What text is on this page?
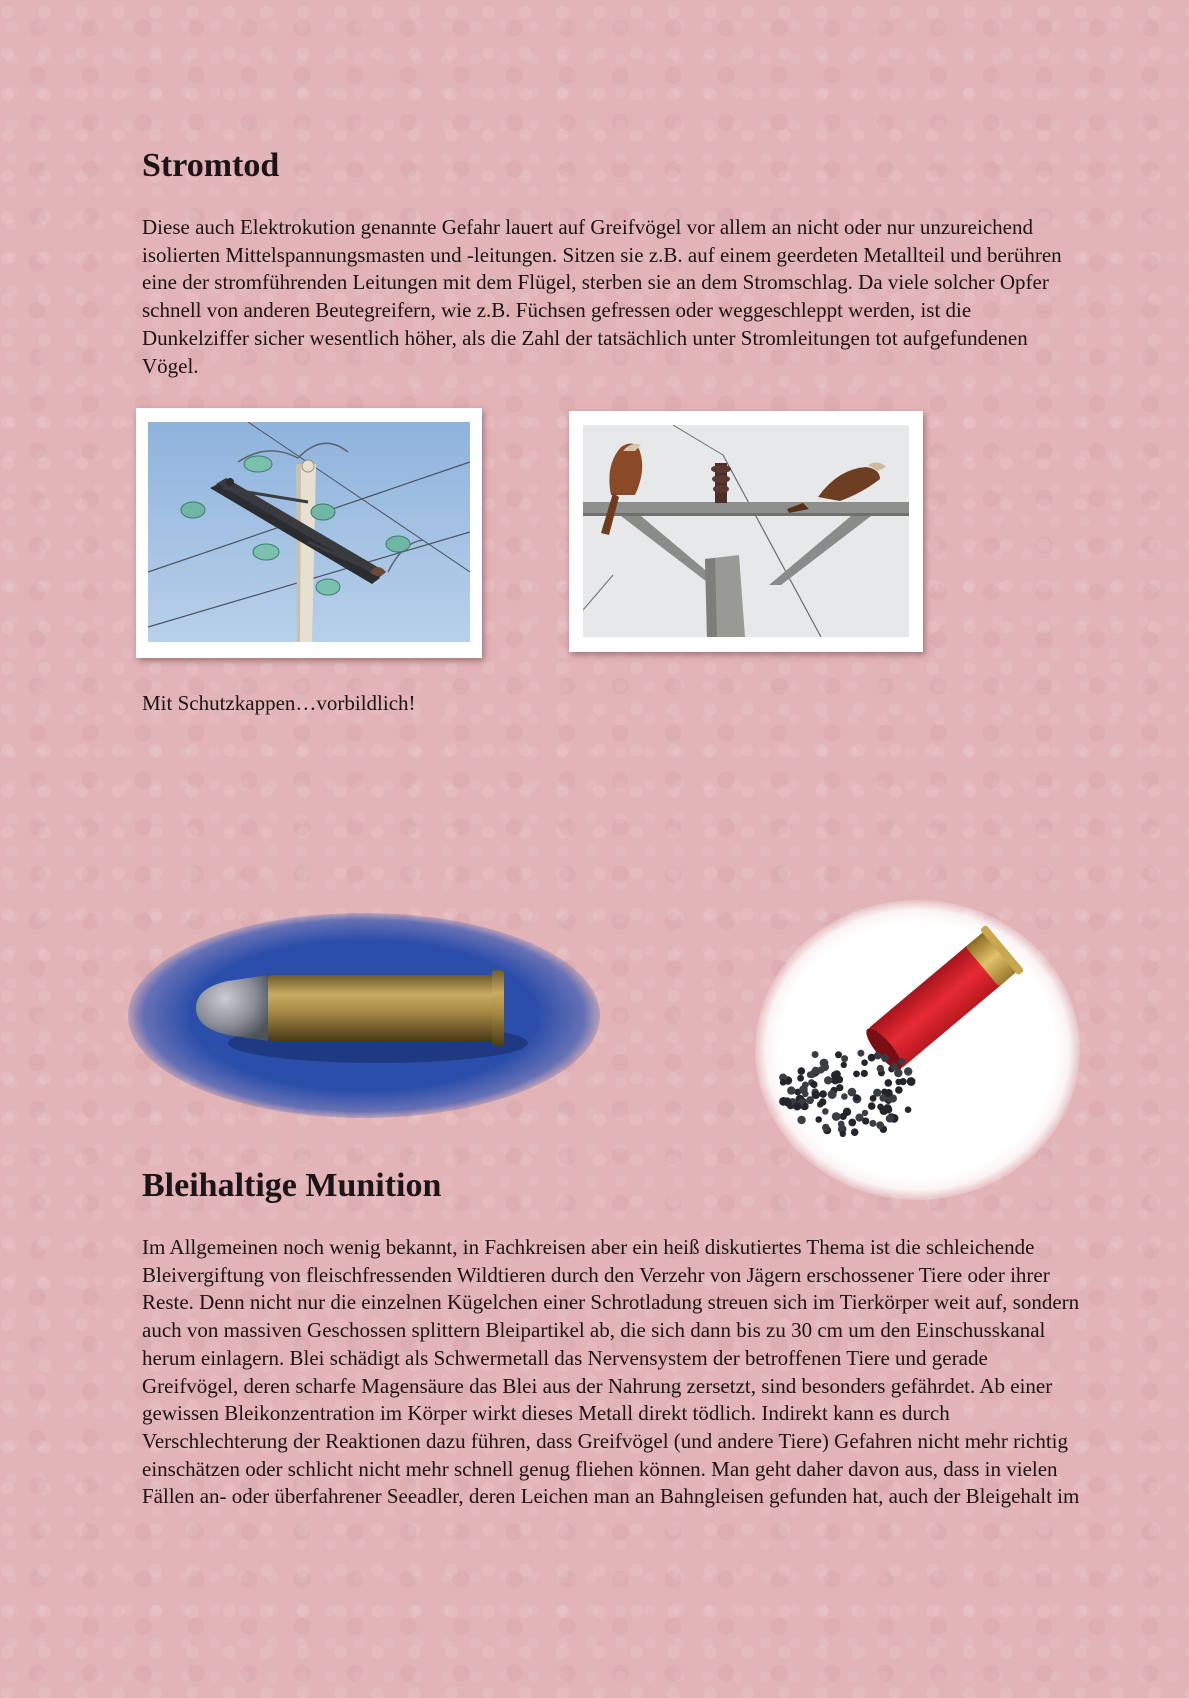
Stromtod

Diese auch Elektrokution genannte Gefahr lauert auf Greifvögel vor allem an nicht oder nur unzureichend isolierten Mittelspannungsmasten und -leitungen. Sitzen sie z.B. auf einem geerdeten Metallteil und berühren eine der stromführenden Leitungen mit dem Flügel, sterben sie an dem Stromschlag. Da viele solcher Opfer schnell von anderen Beutegreifern, wie z.B. Füchsen gefressen oder weggeschleppt werden, ist die Dunkelziffer sicher wesentlich höher, als die Zahl der tatsächlich unter Stromleitungen tot aufgefundenen Vögel.

Mit Schutzkappen…vorbildlich!

Bleihaltige Munition

Im Allgemeinen noch wenig bekannt, in Fachkreisen aber ein heiß diskutiertes Thema ist die schleichende Bleivergiftung von fleischfressenden Wildtieren durch den Verzehr von Jägern erschossener Tiere oder ihrer Reste. Denn nicht nur die einzelnen Kügelchen einer Schrotladung streuen sich im Tierkörper weit auf, sondern auch von massiven Geschossen splittern Bleipartikel ab, die sich dann bis zu 30 cm um den Einschusskanal herum einlagern. Blei schädigt als Schwermetall das Nervensystem der betroffenen Tiere und gerade Greifvögel, deren scharfe Magensäure das Blei aus der Nahrung zersetzt, sind besonders gefährdet. Ab einer gewissen Bleikonzentration im Körper wirkt dieses Metall direkt tödlich. Indirekt kann es durch Verschlechterung der Reaktionen dazu führen, dass Greifvögel (und andere Tiere) Gefahren nicht mehr richtig einschätzen oder schlicht nicht mehr schnell genug fliehen können. Man geht daher davon aus, dass in vielen Fällen an- oder überfahrener Seeadler, deren Leichen man an Bahngleisen gefunden hat, auch der Bleigehalt im
